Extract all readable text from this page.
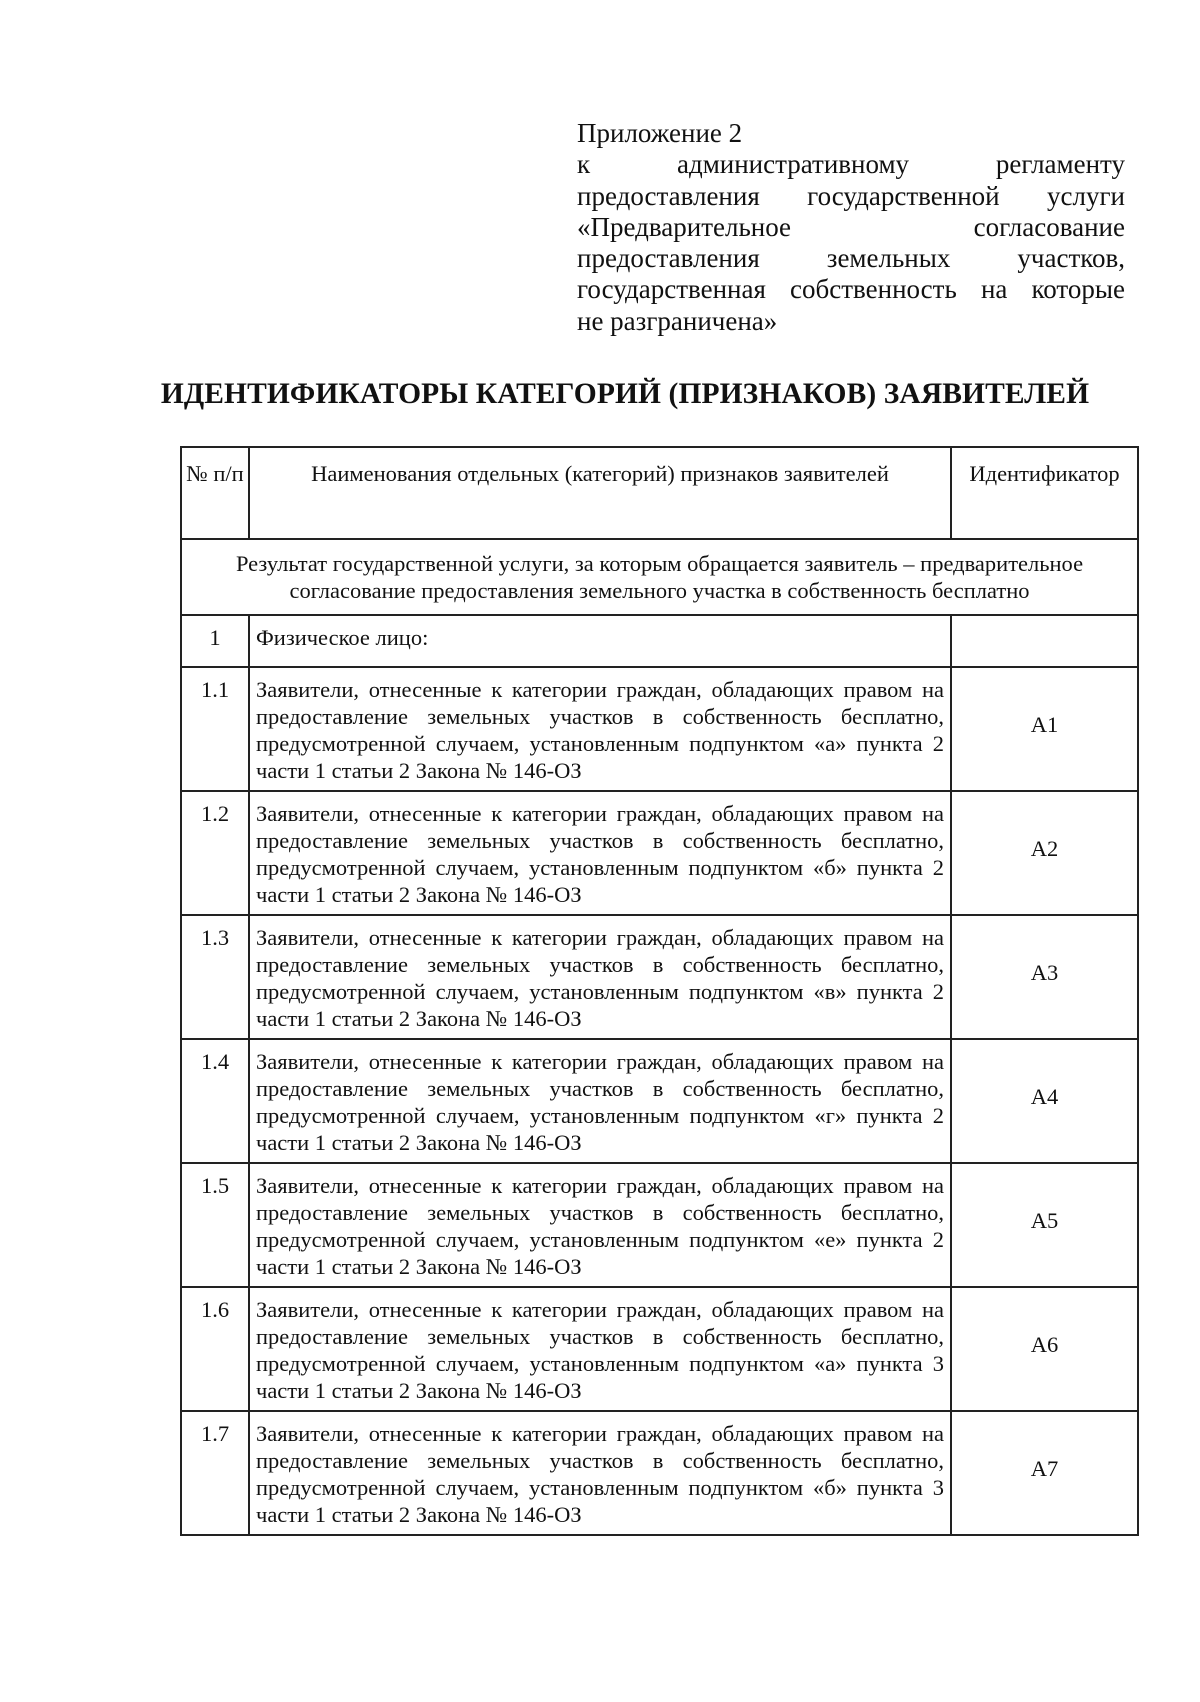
Приложение 2
к административному регламенту
предоставления государственной услуги
«Предварительное согласование
предоставления земельных участков,
государственная собственность на которые
не разграничена»
ИДЕНТИФИКАТОРЫ КАТЕГОРИЙ (ПРИЗНАКОВ) ЗАЯВИТЕЛЕЙ
№ п/п	Наименования отдельных (категорий) признаков заявителей	Идентификатор
Результат государственной услуги, за которым обращается заявитель – предварительное согласование предоставления земельного участка в собственность бесплатно		
1	Физическое лицо:	
1.1	Заявители, отнесенные к категории граждан, обладающих правом на предоставление земельных участков в собственность бесплатно, предусмотренной случаем, установленным подпунктом «а» пункта 2 части 1 статьи 2 Закона № 146-ОЗ	А1
1.2	Заявители, отнесенные к категории граждан, обладающих правом на предоставление земельных участков в собственность бесплатно, предусмотренной случаем, установленным подпунктом «б» пункта 2 части 1 статьи 2 Закона № 146-ОЗ	А2
1.3	Заявители, отнесенные к категории граждан, обладающих правом на предоставление земельных участков в собственность бесплатно, предусмотренной случаем, установленным подпунктом «в» пункта 2 части 1 статьи 2 Закона № 146-ОЗ	А3
1.4	Заявители, отнесенные к категории граждан, обладающих правом на предоставление земельных участков в собственность бесплатно, предусмотренной случаем, установленным подпунктом «г» пункта 2 части 1 статьи 2 Закона № 146-ОЗ	А4
1.5	Заявители, отнесенные к категории граждан, обладающих правом на предоставление земельных участков в собственность бесплатно, предусмотренной случаем, установленным подпунктом «е» пункта 2 части 1 статьи 2 Закона № 146-ОЗ	А5
1.6	Заявители, отнесенные к категории граждан, обладающих правом на предоставление земельных участков в собственность бесплатно, предусмотренной случаем, установленным подпунктом «а» пункта 3 части 1 статьи 2 Закона № 146-ОЗ	А6
1.7	Заявители, отнесенные к категории граждан, обладающих правом на предоставление земельных участков в собственность бесплатно, предусмотренной случаем, установленным подпунктом «б» пункта 3 части 1 статьи 2 Закона № 146-ОЗ	А7
